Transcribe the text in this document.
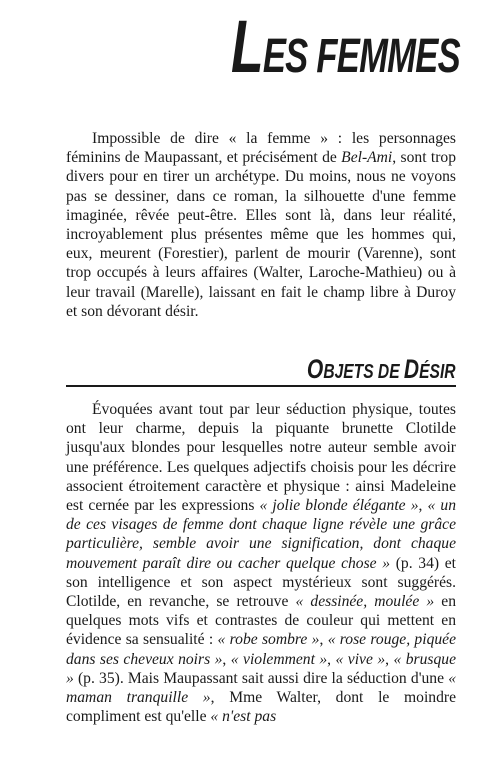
LES FEMMES

Impossible de dire « la femme » : les personnages féminins de Maupassant, et précisément de Bel-Ami, sont trop divers pour en tirer un archétype. Du moins, nous ne voyons pas se dessiner, dans ce roman, la silhouette d'une femme imaginée, rêvée peut-être. Elles sont là, dans leur réalité, incroyablement plus présentes même que les hommes qui, eux, meurent (Forestier), parlent de mourir (Varenne), sont trop occupés à leurs affaires (Walter, Laroche-Mathieu) ou à leur travail (Marelle), laissant en fait le champ libre à Duroy et son dévorant désir.

OBJETS DE DÉSIR

Évoquées avant tout par leur séduction physique, toutes ont leur charme, depuis la piquante brunette Clotilde jusqu'aux blondes pour lesquelles notre auteur semble avoir une préférence. Les quelques adjectifs choisis pour les décrire associent étroitement caractère et physique : ainsi Madeleine est cernée par les expressions « jolie blonde élégante », « un de ces visages de femme dont chaque ligne révèle une grâce particulière, semble avoir une signification, dont chaque mouvement paraît dire ou cacher quelque chose » (p. 34) et son intelligence et son aspect mystérieux sont suggérés. Clotilde, en revanche, se retrouve « dessinée, moulée » en quelques mots vifs et contrastes de couleur qui mettent en évidence sa sensualité : « robe sombre », « rose rouge, piquée dans ses cheveux noirs », « violemment », « vive », « brusque » (p. 35). Mais Maupassant sait aussi dire la séduction d'une « maman tranquille », Mme Walter, dont le moindre compliment est qu'elle « n'est pas
